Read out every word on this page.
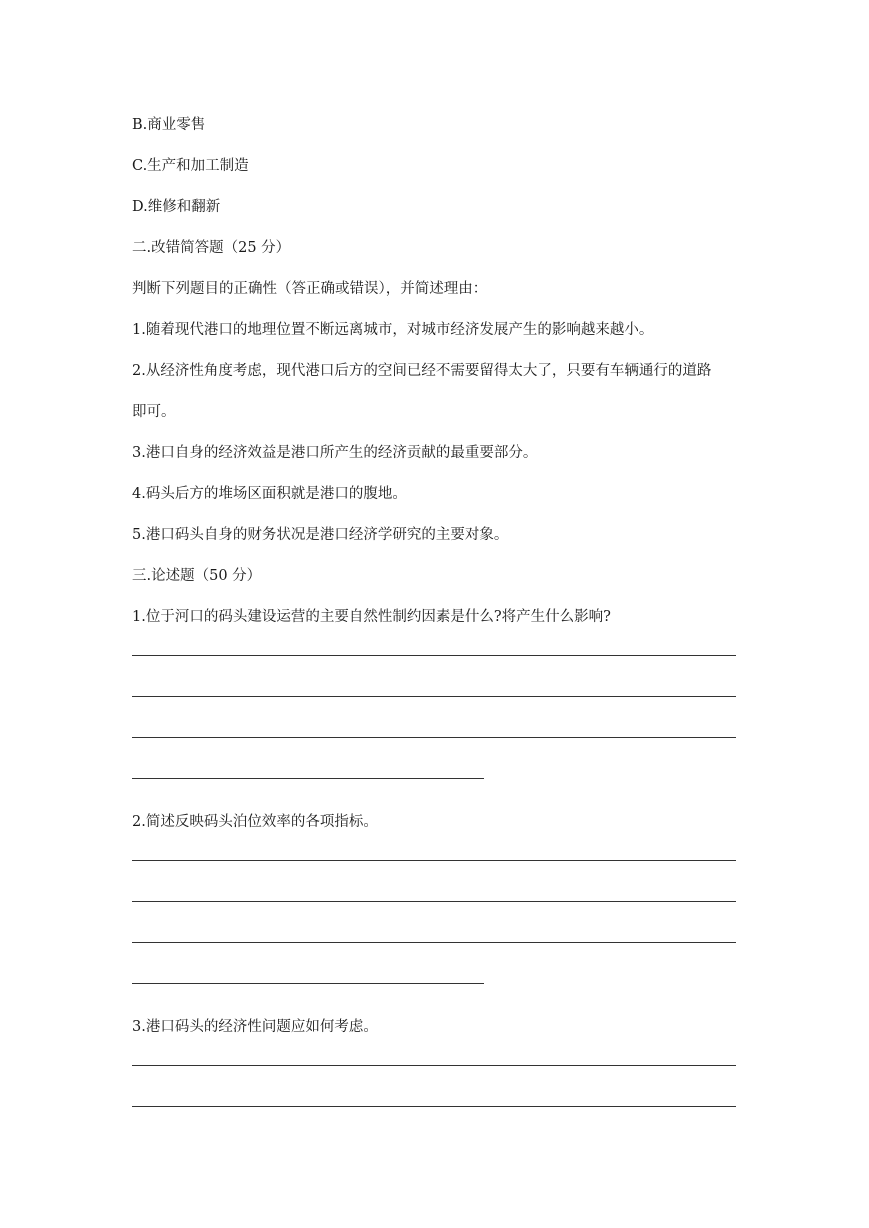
B.商业零售
C.生产和加工制造
D.维修和翻新
二.改错简答题（25 分）
判断下列题目的正确性（答正确或错误），并简述理由：
1.随着现代港口的地理位置不断远离城市，对城市经济发展产生的影响越来越小。
2.从经济性角度考虑，现代港口后方的空间已经不需要留得太大了，只要有车辆通行的道路
即可。
3.港口自身的经济效益是港口所产生的经济贡献的最重要部分。
4.码头后方的堆场区面积就是港口的腹地。
5.港口码头自身的财务状况是港口经济学研究的主要对象。
三.论述题（50 分）
1.位于河口的码头建设运营的主要自然性制约因素是什么?将产生什么影响?
2.简述反映码头泊位效率的各项指标。
3.港口码头的经济性问题应如何考虑。
